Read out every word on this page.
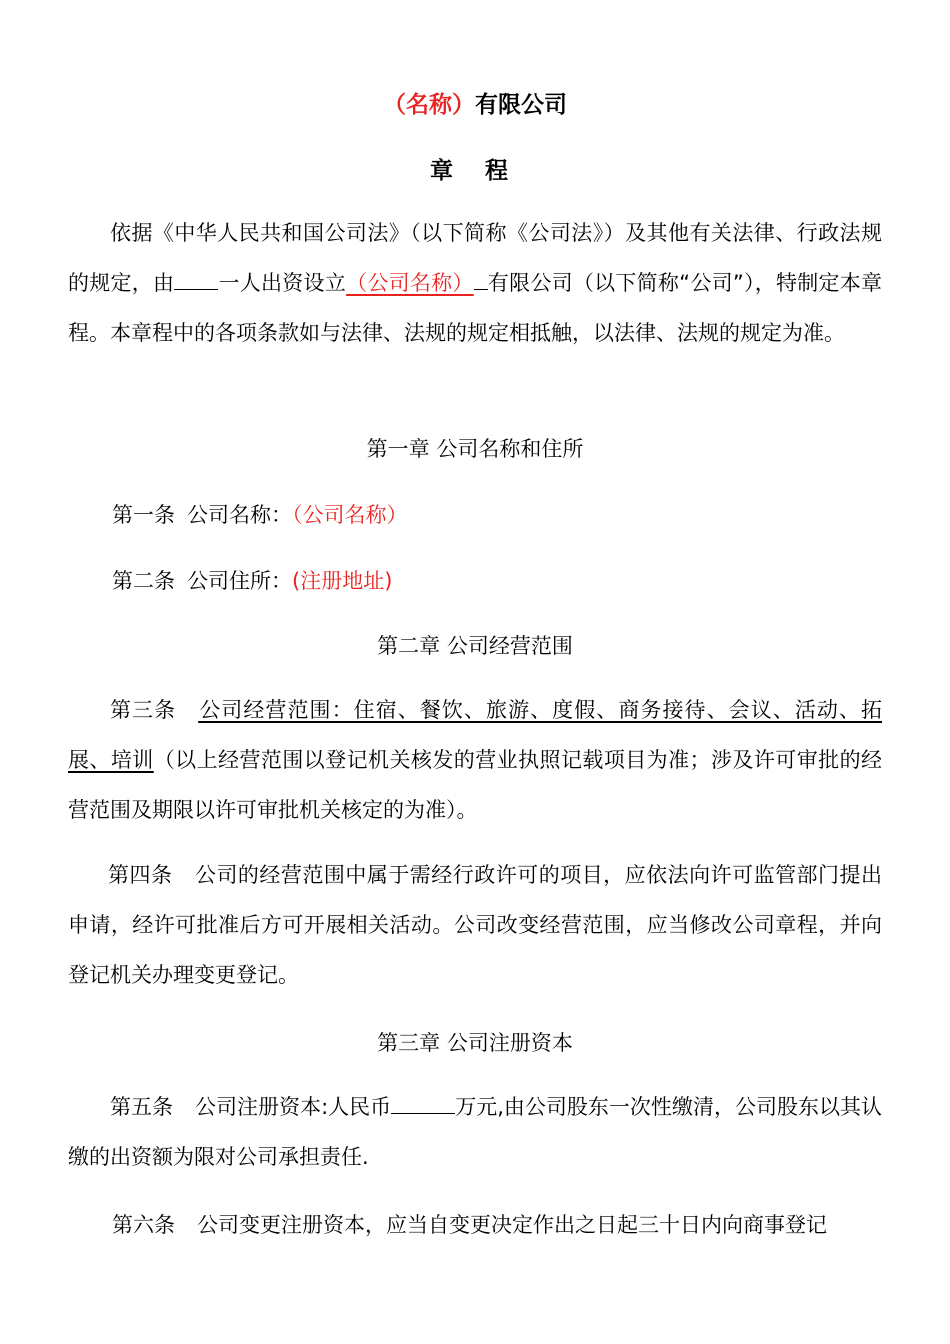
（名称）有限公司
章 程
依据《中华人民共和国公司法》（以下简称《公司法》）及其他有关法律、行政法规的规定，由 一人出资设立（公司名称） 有限公司（以下简称“公司”），特制定本章程。本章程中的各项条款如与法律、法规的规定相抵触，以法律、法规的规定为准。
第一章 公司名称和住所
第一条 公司名称：（公司名称）
第二条 公司住所：(注册地址)
第二章 公司经营范围
第三条 公司经营范围：住宿、餐饮、旅游、度假、商务接待、会议、活动、拓展、培训（以上经营范围以登记机关核发的营业执照记载项目为准；涉及许可审批的经营范围及期限以许可审批机关核定的为准）。
第四条 公司的经营范围中属于需经行政许可的项目，应依法向许可监管部门提出申请，经许可批准后方可开展相关活动。公司改变经营范围，应当修改公司章程，并向登记机关办理变更登记。
第三章 公司注册资本
第五条 公司注册资本:人民币	万元,由公司股东一次性缴清，公司股东以其认缴的出资额为限对公司承担责任.
第六条 公司变更注册资本，应当自变更决定作出之日起三十日内向商事登记
